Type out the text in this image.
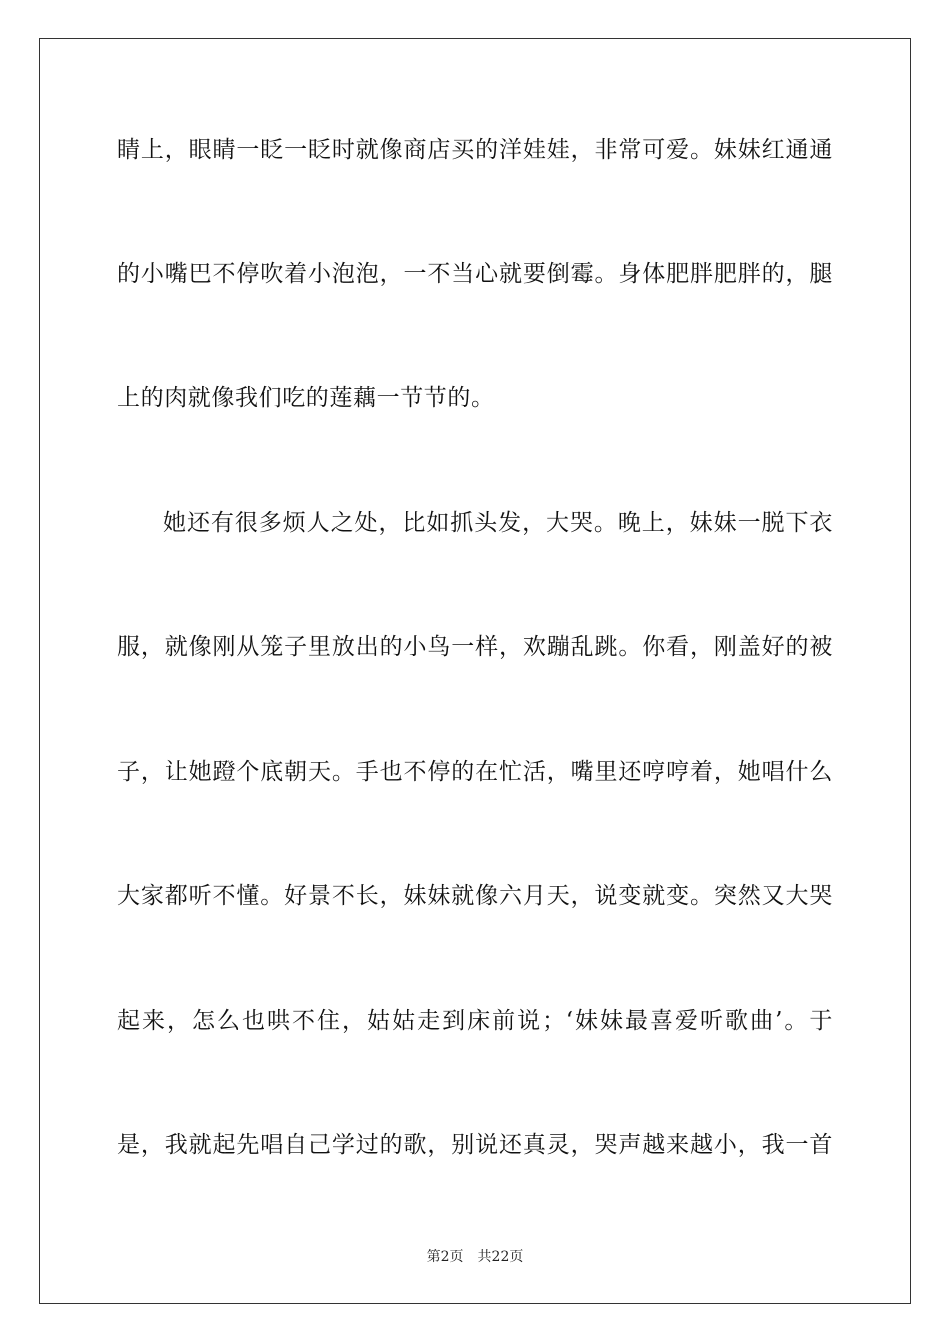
睛上，眼睛一眨一眨时就像商店买的洋娃娃，非常可爱。妹妹红通通
的小嘴巴不停吹着小泡泡，一不当心就要倒霉。身体肥胖肥胖的，腿
上的肉就像我们吃的莲藕一节节的。
她还有很多烦人之处，比如抓头发，大哭。晚上，妹妹一脱下衣
服，就像刚从笼子里放出的小鸟一样，欢蹦乱跳。你看，刚盖好的被
子，让她蹬个底朝天。手也不停的在忙活，嘴里还哼哼着，她唱什么
大家都听不懂。好景不长，妹妹就像六月天，说变就变。突然又大哭
起来，怎么也哄不住，姑姑走到床前说；‘妹妹最喜爱听歌曲’。于
是，我就起先唱自己学过的歌，别说还真灵，哭声越来越小，我一首
第2页 共22页
